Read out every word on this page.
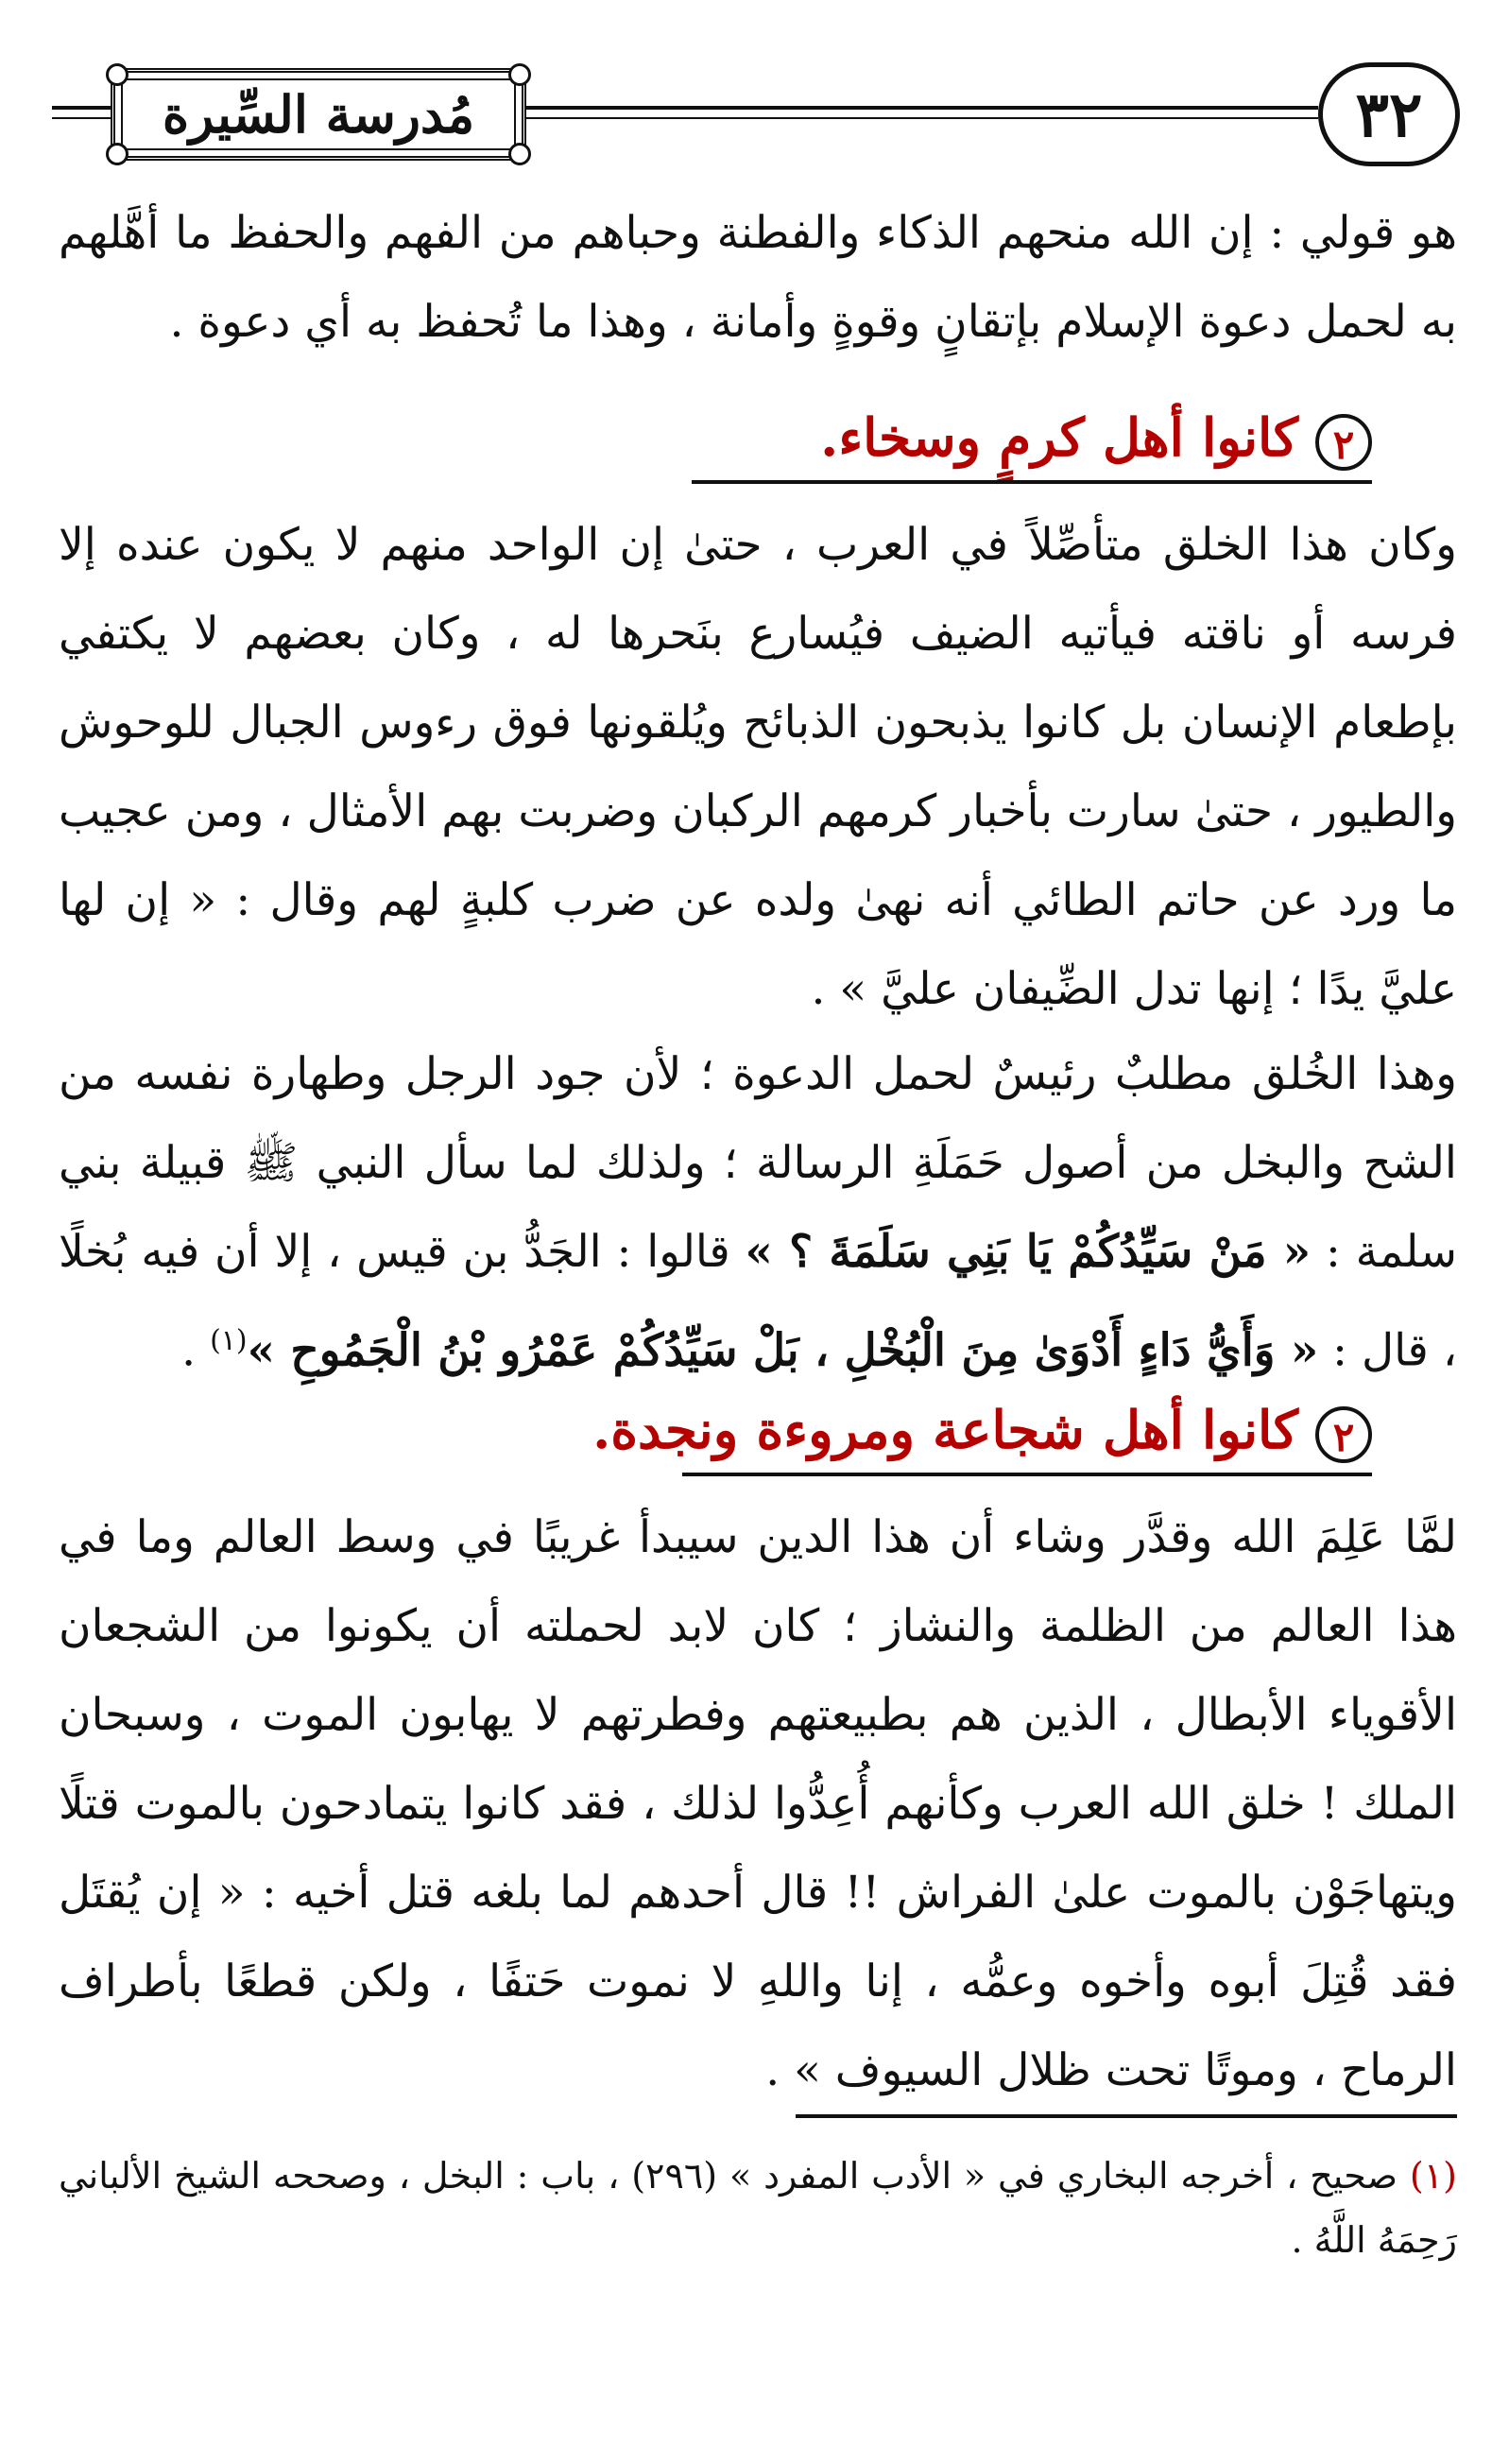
مُدرسة السِّيرة	٣٢

هو قولي : إن الله منحهم الذكاء والفطنة وحباهم من الفهم والحفظ ما أهَّلهم به لحمل دعوة الإسلام بإتقانٍ وقوةٍ وأمانة ، وهذا ما تُحفظ به أي دعوة .

٢كانوا أهل كرمٍ وسخاء.

وكان هذا الخلق متأصِّلاً في العرب ، حتىٰ إن الواحد منهم لا يكون عنده إلا فرسه أو ناقته فيأتيه الضيف فيُسارع بنَحرها له ، وكان بعضهم لا يكتفي بإطعام الإنسان بل كانوا يذبحون الذبائح ويُلقونها فوق رءوس الجبال للوحوش والطيور ، حتىٰ سارت بأخبار كرمهم الركبان وضربت بهم الأمثال ، ومن عجيب ما ورد عن حاتم الطائي أنه نهىٰ ولده عن ضرب كلبةٍ لهم وقال : « إن لها عليَّ يدًا ؛ إنها تدل الضِّيفان عليَّ » .

وهذا الخُلق مطلبٌ رئيسٌ لحمل الدعوة ؛ لأن جود الرجل وطهارة نفسه من الشح والبخل من أصول حَمَلَةِ الرسالة ؛ ولذلك لما سأل النبي ﷺ قبيلة بني سلمة : « مَنْ سَيِّدُكُمْ يَا بَنِي سَلَمَةَ ؟ » قالوا : الجَدُّ بن قيس ، إلا أن فيه بُخلًا ، قال : « وَأَيُّ دَاءٍ أَدْوَىٰ مِنَ الْبُخْلِ ، بَلْ سَيِّدُكُمْ عَمْرُو بْنُ الْجَمُوحِ »$^{(١)}$ .

٢كانوا أهل شجاعة ومروءة ونجدة.

لمَّا عَلِمَ الله وقدَّر وشاء أن هذا الدين سيبدأ غريبًا في وسط العالم وما في هذا العالم من الظلمة والنشاز ؛ كان لابد لحملته أن يكونوا من الشجعان الأقوياء الأبطال ، الذين هم بطبيعتهم وفطرتهم لا يهابون الموت ، وسبحان الملك ! خلق الله العرب وكأنهم أُعِدُّوا لذلك ، فقد كانوا يتمادحون بالموت قتلًا ويتهاجَوْن بالموت علىٰ الفراش !! قال أحدهم لما بلغه قتل أخيه : « إن يُقتَل فقد قُتِلَ أبوه وأخوه وعمُّه ، إنا واللهِ لا نموت حَتفًا ، ولكن قطعًا بأطراف الرماح ، وموتًا تحت ظلال السيوف » .

(١) صحيح ، أخرجه البخاري في « الأدب المفرد » (٢٩٦) ، باب : البخل ، وصححه الشيخ الألباني رَحِمَهُ اللَّهُ .
